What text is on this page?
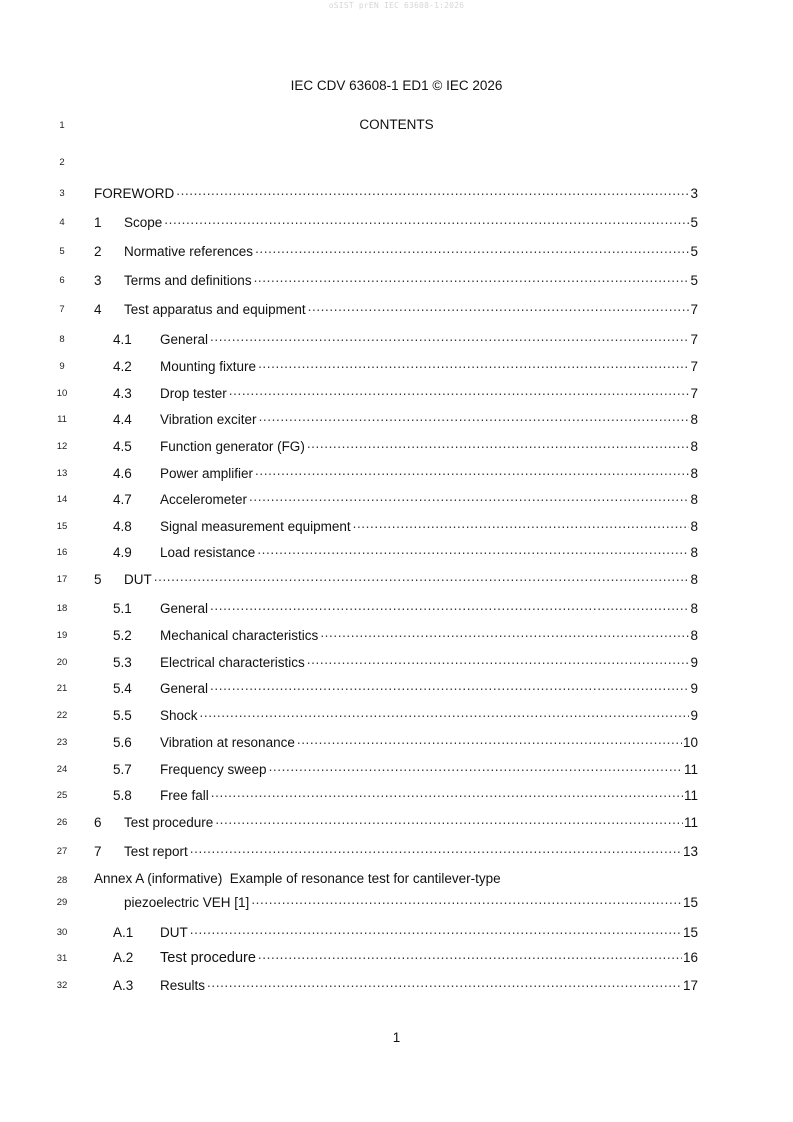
oSIST prEN IEC 63608-1:2026
IEC CDV 63608-1 ED1 © IEC 2026
1	CONTENTS
2
3	FOREWORD .....	3
4	1	Scope .....	5
5	2	Normative references .....	5
6	3	Terms and definitions .....	5
7	4	Test apparatus and equipment .....	7
8	4.1	General .....	7
9	4.2	Mounting fixture .....	7
10	4.3	Drop tester .....	7
11	4.4	Vibration exciter .....	8
12	4.5	Function generator (FG) .....	8
13	4.6	Power amplifier .....	8
14	4.7	Accelerometer .....	8
15	4.8	Signal measurement equipment .....	8
16	4.9	Load resistance .....	8
17	5	DUT .....	8
18	5.1	General .....	8
19	5.2	Mechanical characteristics .....	8
20	5.3	Electrical characteristics .....	9
21	5.4	General .....	9
22	5.5	Shock .....	9
23	5.6	Vibration at resonance .....	10
24	5.7	Frequency sweep .....	11
25	5.8	Free fall .....	11
26	6	Test procedure .....	11
27	7	Test report .....	13
28	Annex A (informative)  Example of resonance test for cantilever-type
29	piezoelectric VEH [1] .....	15
30	A.1	DUT .....	15
31	A.2	Test procedure .....	16
32	A.3	Results .....	17
1
